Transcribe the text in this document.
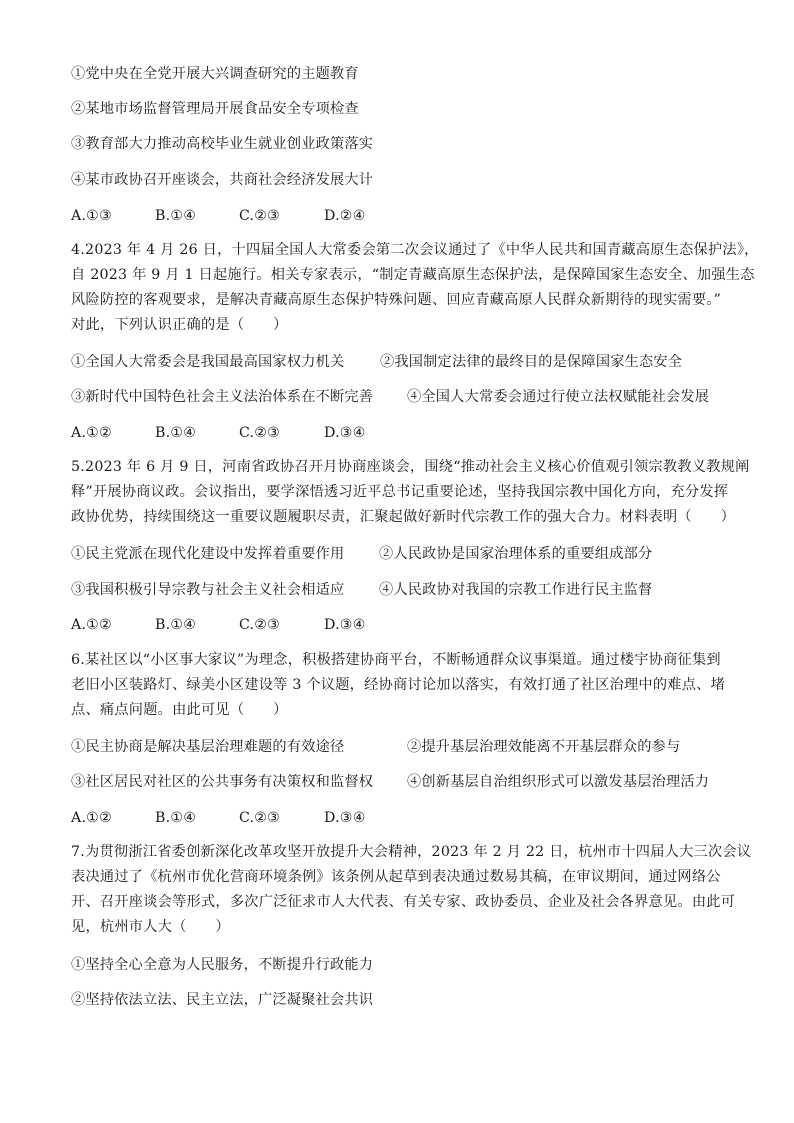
①党中央在全党开展大兴调查研究的主题教育
②某地市场监督管理局开展食品安全专项检查
③教育部大力推动高校毕业生就业创业政策落实
④某市政协召开座谈会，共商社会经济发展大计
A.①③	B.①④	C.②③	D.②④
4.2023 年 4 月 26 日，十四届全国人大常委会第二次会议通过了《中华人民共和国青藏高原生态保护法》，
自 2023 年 9 月 1 日起施行。相关专家表示，“制定青藏高原生态保护法，是保障国家生态安全、加强生态
风险防控的客观要求，是解决青藏高原生态保护特殊问题、回应青藏高原人民群众新期待的现实需要。”
对此，下列认识正确的是（　　）
①全国人大常委会是我国最高国家权力机关	②我国制定法律的最终目的是保障国家生态安全
③新时代中国特色社会主义法治体系在不断完善 ④全国人大常委会通过行使立法权赋能社会发展
A.①②	B.①④	C.②③	D.③④
5.2023 年 6 月 9 日，河南省政协召开月协商座谈会，围绕“推动社会主义核心价值观引领宗教教义教规阐
释”开展协商议政。会议指出，要学深悟透习近平总书记重要论述，坚持我国宗教中国化方向，充分发挥
政协优势，持续围绕这一重要议题履职尽责，汇聚起做好新时代宗教工作的强大合力。材料表明（　　）
①民主党派在现代化建设中发挥着重要作用 ②人民政协是国家治理体系的重要组成部分
③我国积极引导宗教与社会主义社会相适应 ④人民政协对我国的宗教工作进行民主监督
A.①②	B.①④	C.②③	D.③④
6.某社区以“小区事大家议”为理念，积极搭建协商平台，不断畅通群众议事渠道。通过楼宇协商征集到
老旧小区装路灯、绿美小区建设等 3 个议题，经协商讨论加以落实，有效打通了社区治理中的难点、堵
点、痛点问题。由此可见（　　）
①民主协商是解决基层治理难题的有效途径	②提升基层治理效能离不开基层群众的参与
③社区居民对社区的公共事务有决策权和监督权 ④创新基层自治组织形式可以激发基层治理活力
A.①②	B.①④	C.②③	D.③④
7.为贯彻浙江省委创新深化改革攻坚开放提升大会精神，2023 年 2 月 22 日，杭州市十四届人大三次会议
表决通过了《杭州市优化营商环境条例》该条例从起草到表决通过数易其稿，在审议期间，通过网络公
开、召开座谈会等形式，多次广泛征求市人大代表、有关专家、政协委员、企业及社会各界意见。由此可
见，杭州市人大（　　）
①坚持全心全意为人民服务，不断提升行政能力
②坚持依法立法、民主立法，广泛凝聚社会共识
